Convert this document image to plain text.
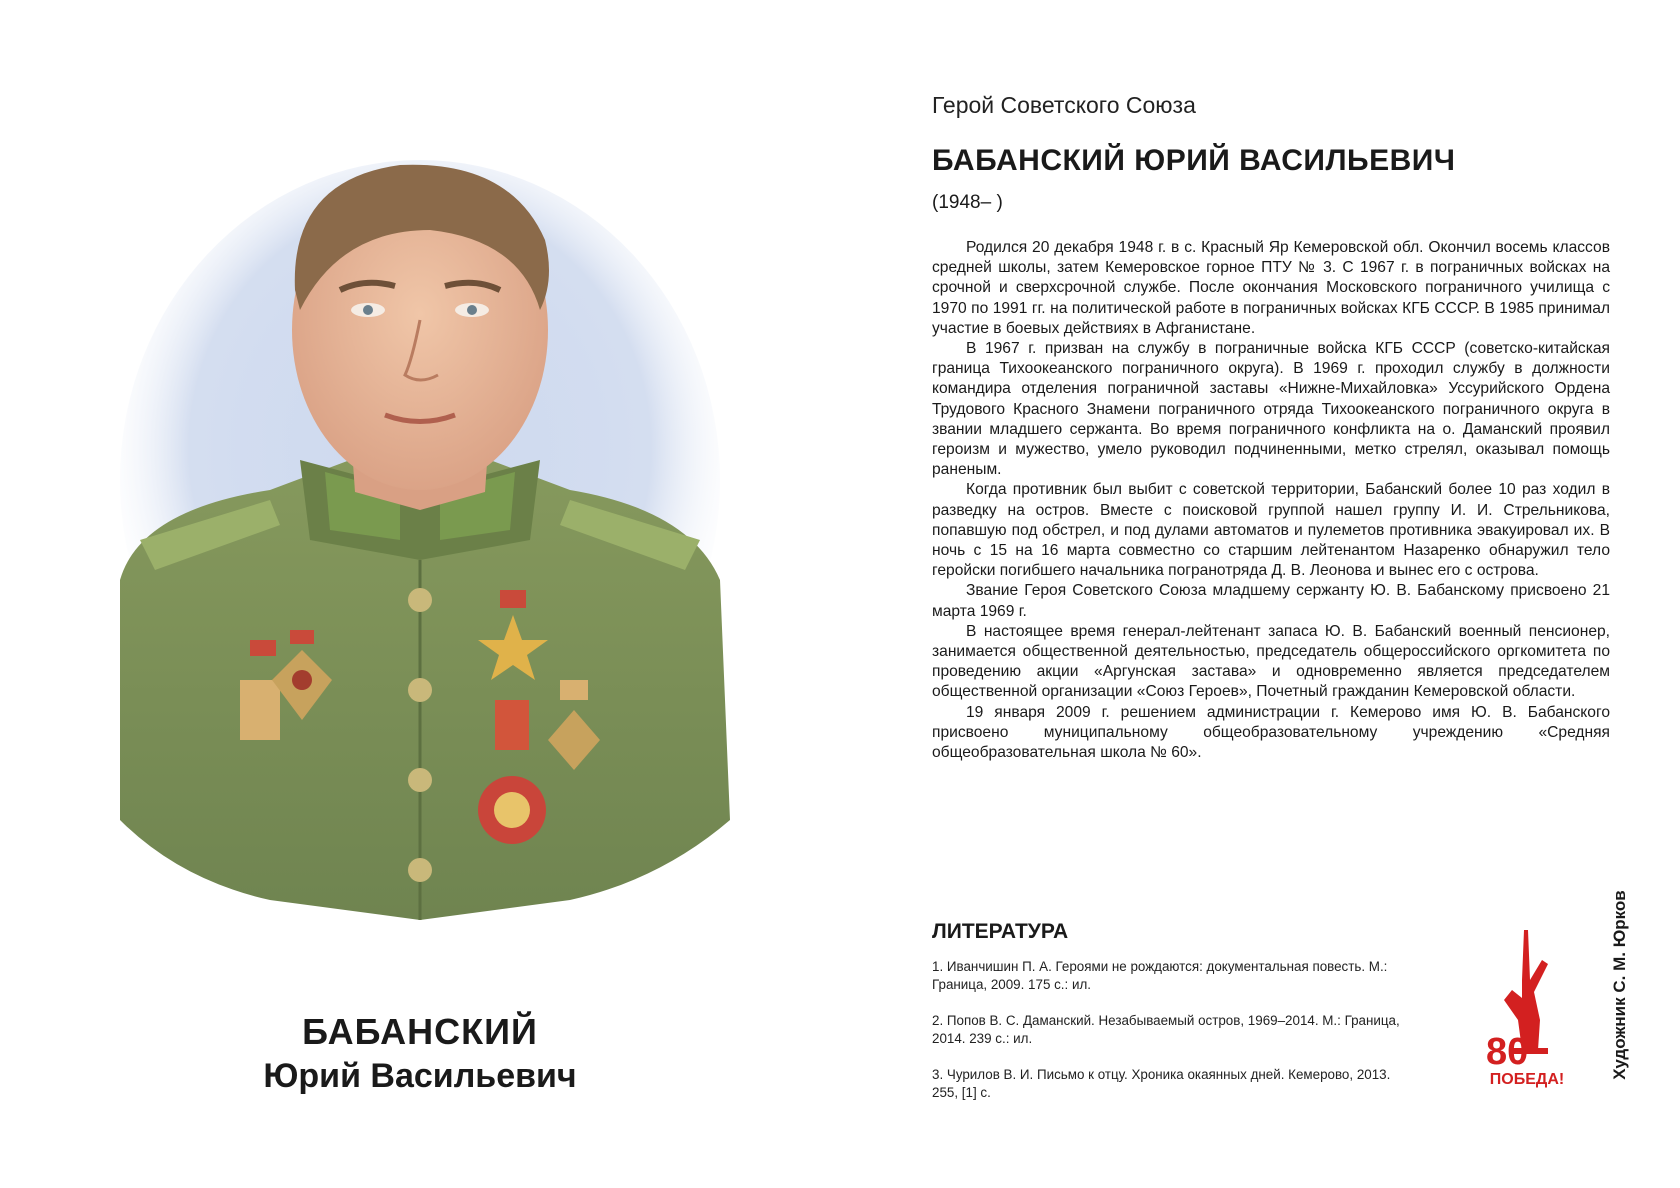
БАБАНСКИЙ
Юрий Васильевич
Герой Советского Союза
БАБАНСКИЙ ЮРИЙ ВАСИЛЬЕВИЧ
(1948– )

Родился 20 декабря 1948 г. в с. Красный Яр Кемеровской обл. Окончил восемь классов средней школы, затем Кемеровское горное ПТУ № 3. С 1967 г. в пограничных войсках на срочной и сверхсрочной службе. После окончания Московского пограничного училища с 1970 по 1991 гг. на политической работе в пограничных войсках КГБ СССР. В 1985 принимал участие в боевых действиях в Афганистане.

В 1967 г. призван на службу в пограничные войска КГБ СССР (советско-китайская граница Тихоокеанского пограничного округа). В 1969 г. проходил службу в должности командира отделения пограничной заставы «Нижне-Михайловка» Уссурийского Ордена Трудового Красного Знамени пограничного отряда Тихоокеанского пограничного округа в звании младшего сержанта. Во время пограничного конфликта на о. Даманский проявил героизм и мужество, умело руководил подчиненными, метко стрелял, оказывал помощь раненым.

Когда противник был выбит с советской территории, Бабанский более 10 раз ходил в разведку на остров. Вместе с поисковой группой нашел группу И. И. Стрельникова, попавшую под обстрел, и под дулами автоматов и пулеметов противника эвакуировал их. В ночь с 15 на 16 марта совместно со старшим лейтенантом Назаренко обнаружил тело геройски погибшего начальника погранотряда Д. В. Леонова и вынес его с острова.

Звание Героя Советского Союза младшему сержанту Ю. В. Бабанскому присвоено 21 марта 1969 г.

В настоящее время генерал-лейтенант запаса Ю. В. Бабанский военный пенсионер, занимается общественной деятельностью, председатель общероссийского оргкомитета по проведению акции «Аргунская застава» и одновременно является председателем общественной организации «Союз Героев», Почетный гражданин Кемеровской области.

19 января 2009 г. решением администрации г. Кемерово имя Ю. В. Бабанского присвоено муниципальному общеобразовательному учреждению «Средняя общеобразовательная школа № 60».

ЛИТЕРАТУРА
1. Иванчишин П. А. Героями не рождаются: документальная повесть. М.: Граница, 2009. 175 с.: ил.
2. Попов В. С. Даманский. Незабываемый остров, 1969–2014. М.: Граница, 2014. 239 с.: ил.
3. Чурилов В. И. Письмо к отцу. Хроника окаянных дней. Кемерово, 2013. 255, [1] с.
80
ПОБЕДА!	Художник С. М. Юрков
